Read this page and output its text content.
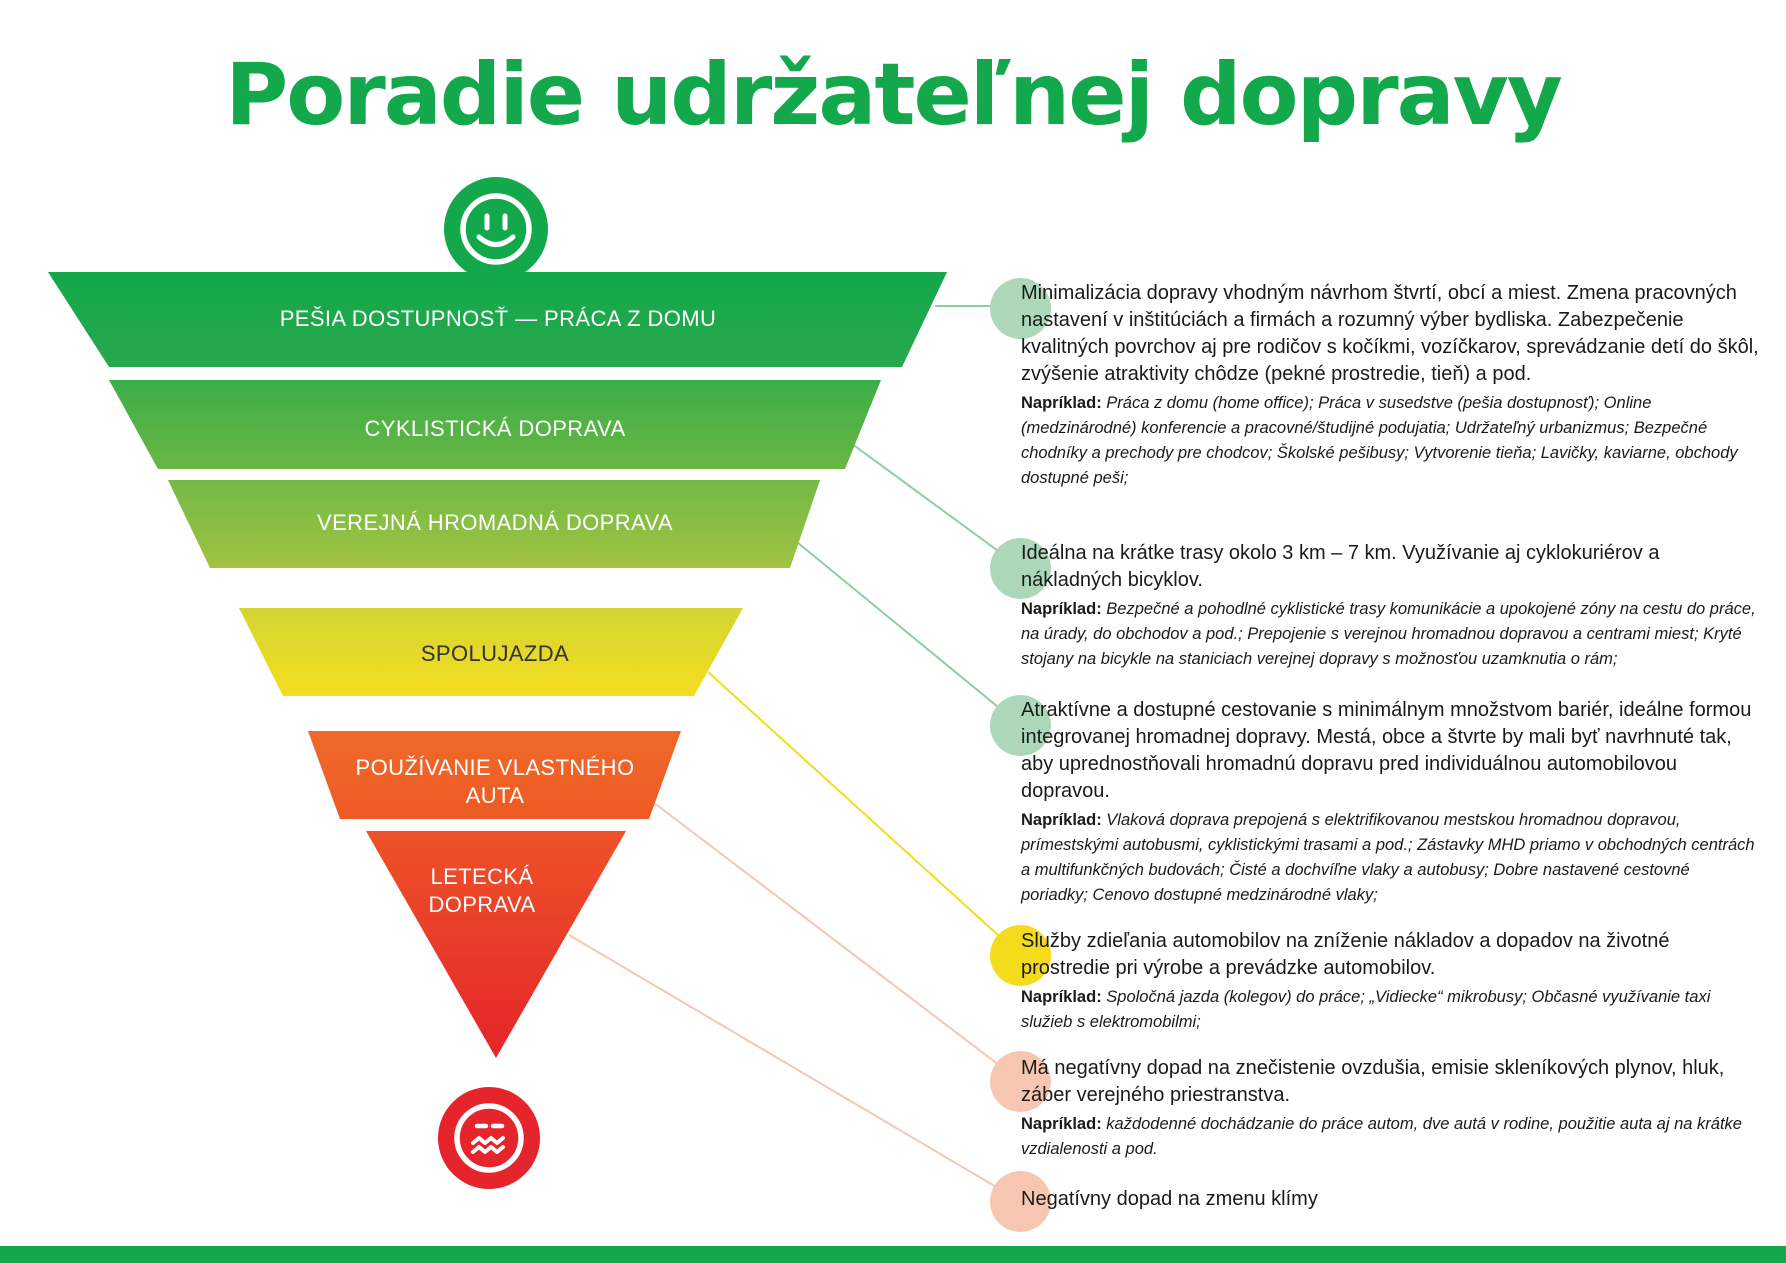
Poradie udržateľnej dopravy
PEŠIA DOSTUPNOSŤ — PRÁCA Z DOMU
CYKLISTICKÁ DOPRAVA
VEREJNÁ HROMADNÁ DOPRAVA
SPOLUJAZDA
POUŽÍVANIE VLASTNÉHO
AUTA
LETECKÁ
DOPRAVA

Minimalizácia dopravy vhodným návrhom štvrtí, obcí a miest. Zmena pracovných nastavení v inštitúciách a firmách a rozumný výber bydliska. Zabezpečenie kvalitných povrchov aj pre rodičov s kočíkmi, vozíčkarov, sprevádzanie detí do škôl, zvýšenie atraktivity chôdze (pekné prostredie, tieň) a pod.

Napríklad: Práca z domu (home office); Práca v susedstve (pešia dostupnosť); Online (medzinárodné) konferencie a pracovné/študijné podujatia; Udržateľný urbanizmus; Bezpečné chodníky a prechody pre chodcov; Školské pešibusy; Vytvorenie tieňa; Lavičky, kaviarne, obchody dostupné peši;

Ideálna na krátke trasy okolo 3 km – 7 km. Využívanie aj cyklokuriérov a nákladných bicyklov.

Napríklad: Bezpečné a pohodlné cyklistické trasy komunikácie a upokojené zóny na cestu do práce, na úrady, do obchodov a pod.; Prepojenie s verejnou hromadnou dopravou a centrami miest; Kryté stojany na bicykle na staniciach verejnej dopravy s možnosťou uzamknutia o rám;

Atraktívne a dostupné cestovanie s minimálnym množstvom bariér, ideálne formou integrovanej hromadnej dopravy. Mestá, obce a štvrte by mali byť navrhnuté tak, aby uprednostňovali hromadnú dopravu pred individuálnou automobilovou dopravou.

Napríklad: Vlaková doprava prepojená s elektrifikovanou mestskou hromadnou dopravou, prímestskými autobusmi, cyklistickými trasami a pod.; Zástavky MHD priamo v obchodných centrách a multifunkčných budovách; Čisté a dochvíľne vlaky a autobusy; Dobre nastavené cestovné poriadky; Cenovo dostupné medzinárodné vlaky;

Služby zdieľania automobilov na zníženie nákladov a dopadov na životné prostredie pri výrobe a prevádzke automobilov.

Napríklad: Spoločná jazda (kolegov) do práce; „Vidiecke“ mikrobusy; Občasné využívanie taxi služieb s elektromobilmi;

Má negatívny dopad na znečistenie ovzdušia, emisie skleníkových plynov, hluk, záber verejného priestranstva.

Napríklad: každodenné dochádzanie do práce autom, dve autá v rodine, použitie auta aj na krátke vzdialenosti a pod.

Negatívny dopad na zmenu klímy
